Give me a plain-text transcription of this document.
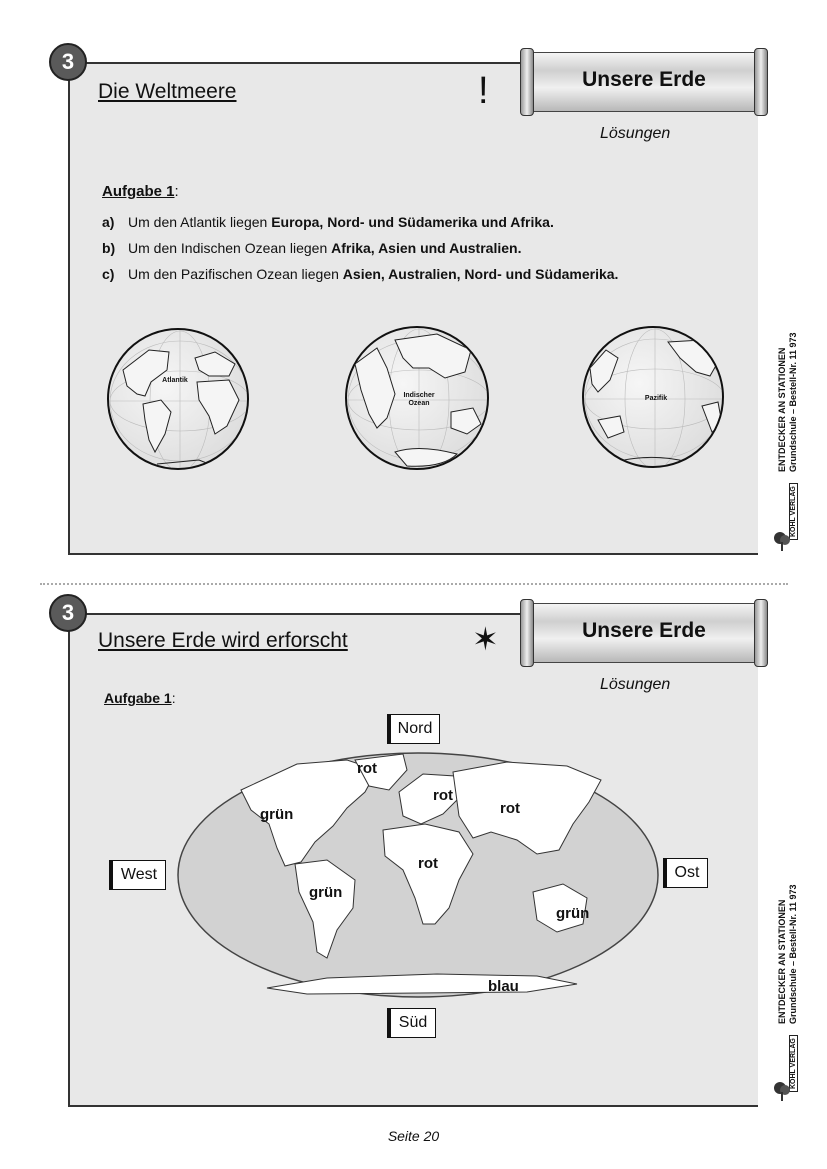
3
Die Weltmeere	!	Unsere Erde
Lösungen
Aufgabe 1:
a) Um den Atlantik liegen Europa, Nord- und Südamerika und Afrika.
b) Um den Indischen Ozean liegen Afrika, Asien und Australien.
c) Um den Pazifischen Ozean liegen Asien, Australien, Nord- und Südamerika.
Atlantik
Indischer Ozean
Pazifik	ENTDECKER AN STATIONEN Grundschule – Bestell-Nr. 11 973
KOHL VERLAG
3
Unsere Erde wird erforscht	✶	Unsere Erde
Lösungen
Aufgabe 1:
rot
grün
rot
rot
rot
grün
grün
blau
Nord
West	Ost
Süd	ENTDECKER AN STATIONEN Grundschule – Bestell-Nr. 11 973
KOHL VERLAG
Seite 20
